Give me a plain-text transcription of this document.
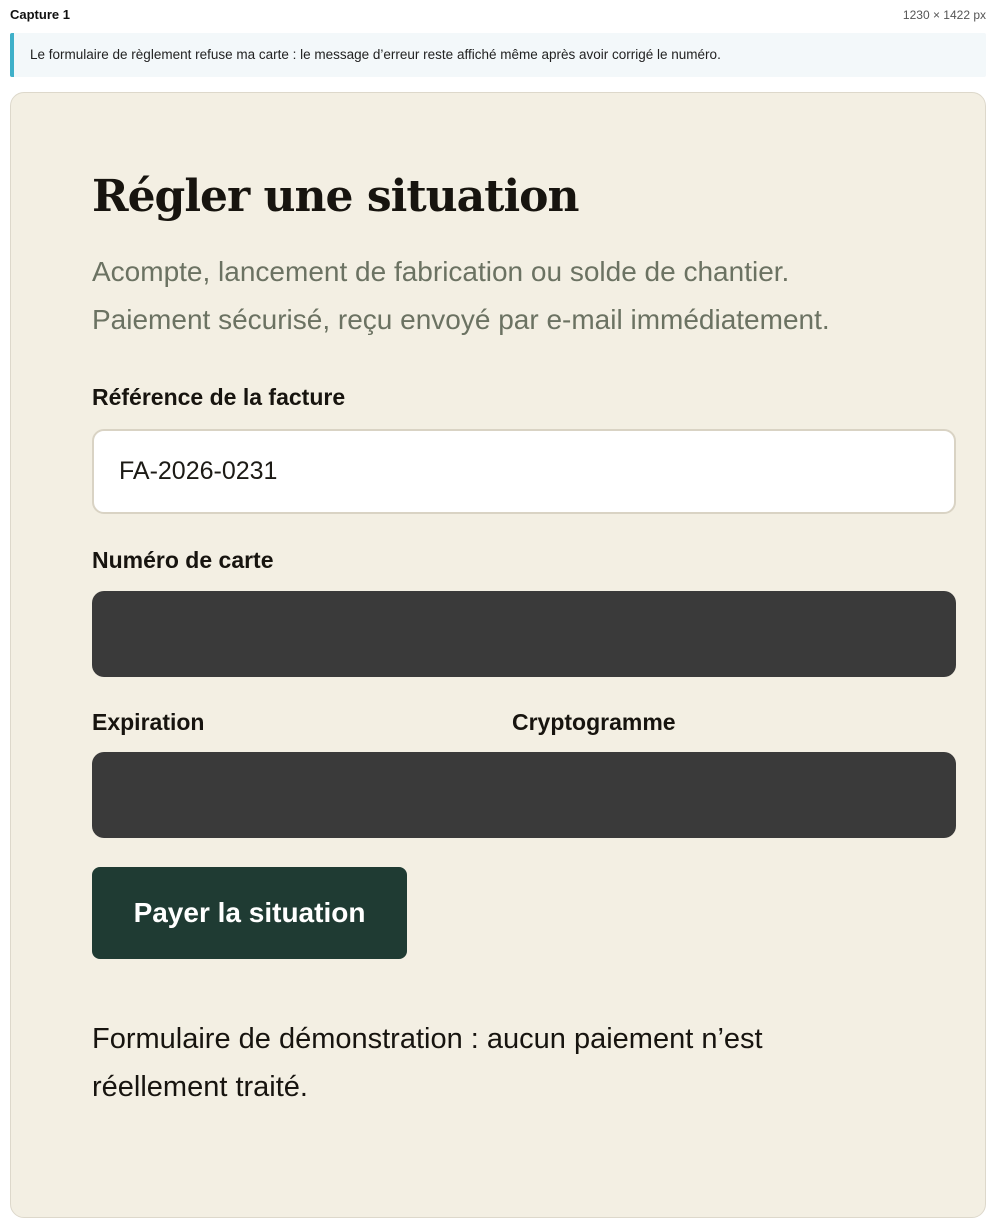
Capture 1	1230 × 1422 px
Le formulaire de règlement refuse ma carte : le message d’erreur reste affiché même après avoir corrigé le numéro.
Régler une situation
Acompte, lancement de fabrication ou solde de chantier.
Paiement sécurisé, reçu envoyé par e-mail immédiatement.
Référence de la facture
FA-2026-0231
Numéro de carte
Expiration	Cryptogramme
Payer la situation
Formulaire de démonstration : aucun paiement n’est réellement traité.
